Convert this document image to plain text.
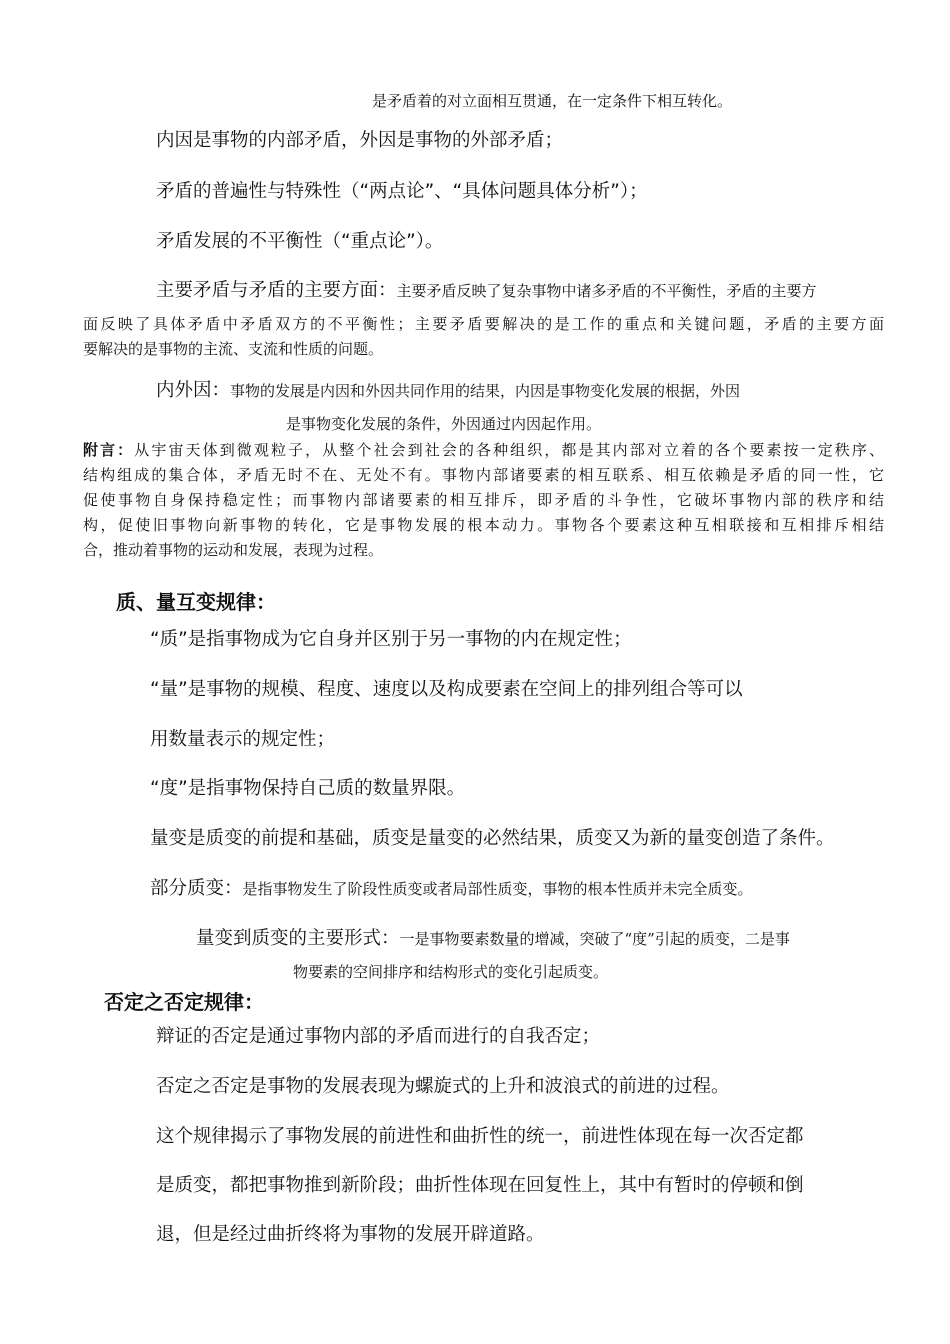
是矛盾着的对立面相互贯通，在一定条件下相互转化。
内因是事物的内部矛盾，外因是事物的外部矛盾；
矛盾的普遍性与特殊性（“两点论”、“具体问题具体分析”）；
矛盾发展的不平衡性（“重点论”）。
主要矛盾与矛盾的主要方面：主要矛盾反映了复杂事物中诸多矛盾的不平衡性，矛盾的主要方
面反映了具体矛盾中矛盾双方的不平衡性；主要矛盾要解决的是工作的重点和关键问题，矛盾的主要方面
要解决的是事物的主流、支流和性质的问题。
内外因：事物的发展是内因和外因共同作用的结果，内因是事物变化发展的根据，外因
是事物变化发展的条件，外因通过内因起作用。
附言：从宇宙天体到微观粒子，从整个社会到社会的各种组织，都是其内部对立着的各个要素按一定秩序、
结构组成的集合体，矛盾无时不在、无处不有。事物内部诸要素的相互联系、相互依赖是矛盾的同一性，它
促使事物自身保持稳定性；而事物内部诸要素的相互排斥，即矛盾的斗争性，它破坏事物内部的秩序和结
构，促使旧事物向新事物的转化，它是事物发展的根本动力。事物各个要素这种互相联接和互相排斥相结
合，推动着事物的运动和发展，表现为过程。
质、量互变规律：
“质”是指事物成为它自身并区别于另一事物的内在规定性；
“量”是事物的规模、程度、速度以及构成要素在空间上的排列组合等可以
用数量表示的规定性；
“度”是指事物保持自己质的数量界限。
量变是质变的前提和基础，质变是量变的必然结果，质变又为新的量变创造了条件。
部分质变：是指事物发生了阶段性质变或者局部性质变，事物的根本性质并未完全质变。
量变到质变的主要形式：一是事物要素数量的增减，突破了“度”引起的质变，二是事
物要素的空间排序和结构形式的变化引起质变。
否定之否定规律：
辩证的否定是通过事物内部的矛盾而进行的自我否定；
否定之否定是事物的发展表现为螺旋式的上升和波浪式的前进的过程。
这个规律揭示了事物发展的前进性和曲折性的统一，前进性体现在每一次否定都
是质变，都把事物推到新阶段；曲折性体现在回复性上，其中有暂时的停顿和倒
退，但是经过曲折终将为事物的发展开辟道路。
